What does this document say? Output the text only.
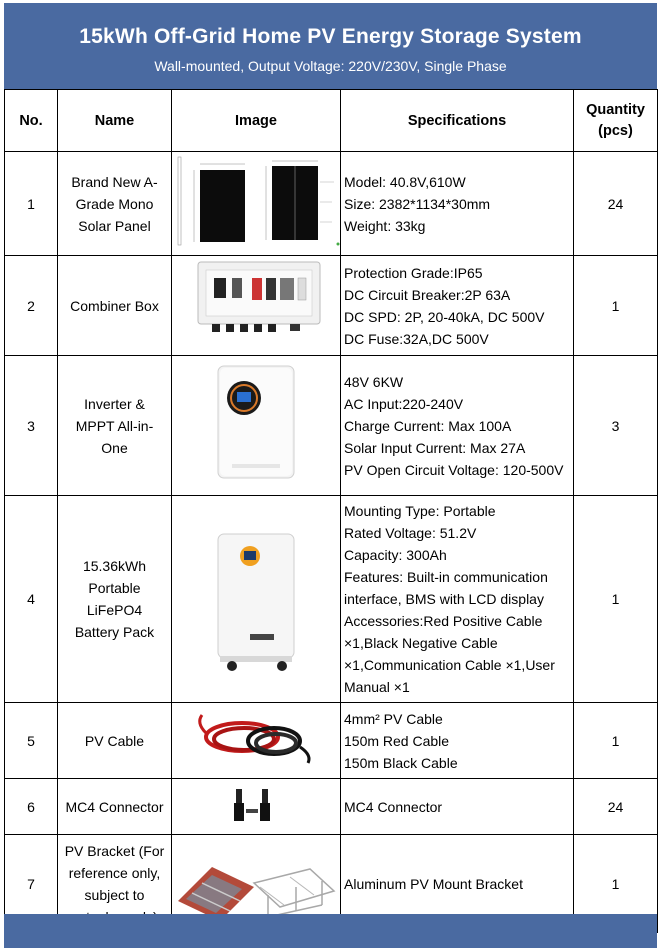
15kWh Off-Grid Home PV Energy Storage System
Wall-mounted, Output Voltage: 220V/230V, Single Phase
No.	Name	Image	Specifications	Quantity (pcs)
1	Brand New A-Grade Mono Solar Panel		Model: 40.8V,610W
Size: 2382*1134*30mm
Weight: 33kg	24
2	Combiner Box		Protection Grade:IP65
DC Circuit Breaker:2P 63A
DC SPD: 2P, 20-40kA, DC 500V
DC Fuse:32A,DC 500V	1
3	Inverter & MPPT All-in-One		48V 6KW
AC Input:220-240V
Charge Current: Max 100A
Solar Input Current: Max 27A
PV Open Circuit Voltage: 120-500V	3
4	15.36kWh Portable LiFePO4 Battery Pack		Mounting Type: Portable
Rated Voltage: 51.2V
Capacity: 300Ah
Features: Built-in communication interface, BMS with LCD display
Accessories:Red Positive Cable ×1,Black Negative Cable ×1,Communication Cable ×1,User Manual ×1	1
5	PV Cable		4mm² PV Cable
150m Red Cable
150m Black Cable	1
6	MC4 Connector		MC4 Connector	24
7	PV Bracket (For reference only, subject to		Aluminum PV Mount Bracket	1
